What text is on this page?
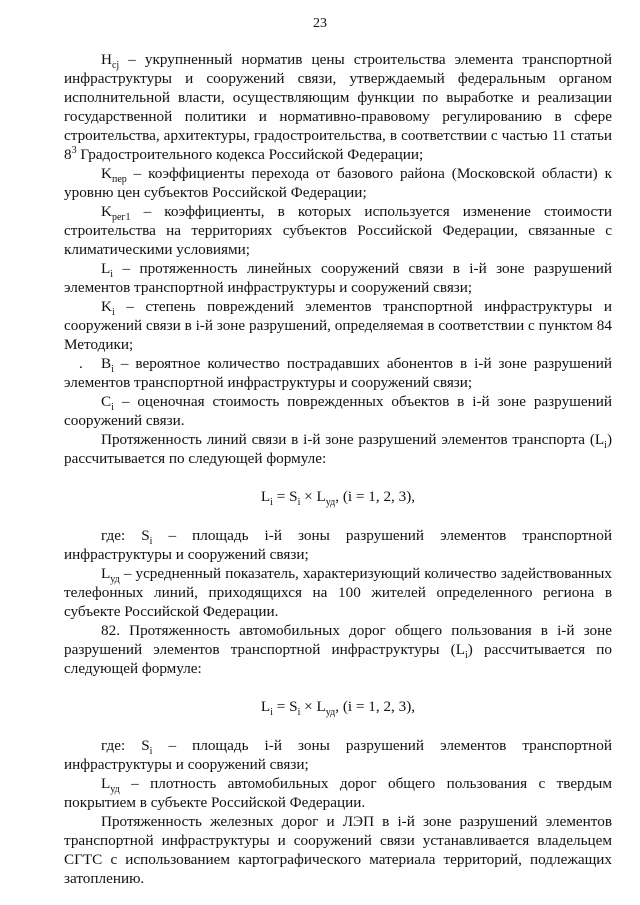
23

$H_{cj}$ – укрупненный норматив цены строительства элемента транспортной инфраструктуры и сооружений связи, утверждаемый федеральным органом исполнительной власти, осуществляющим функции по выработке и реализации государственной политики и нормативно-правовому регулированию в сфере строительства, архитектуры, градостроительства, в соответствии с частью 11 статьи $8^3$ Градостроительного кодекса Российской Федерации;

$K_{пер}$ – коэффициенты перехода от базового района (Московской области) к уровню цен субъектов Российской Федерации;

$K_{рег1}$ – коэффициенты, в которых используется изменение стоимости строительства на территориях субъектов Российской Федерации, связанные с климатическими условиями;

$L_i$ – протяженность линейных сооружений связи в i-й зоне разрушений элементов транспортной инфраструктуры и сооружений связи;

$K_i$ – степень повреждений элементов транспортной инфраструктуры и сооружений связи в i-й зоне разрушений, определяемая в соответствии с пунктом 84 Методики;

. $B_i$ – вероятное количество пострадавших абонентов в i-й зоне разрушений элементов транспортной инфраструктуры и сооружений связи;

$C_i$ – оценочная стоимость поврежденных объектов в i-й зоне разрушений сооружений связи.

Протяженность линий связи в i-й зоне разрушений элементов транспорта $(L_i)$ рассчитывается по следующей формуле:

$L_i = S_i \times L_{уд}$, (i = 1, 2, 3),

где: $S_i$ – площадь i-й зоны разрушений элементов транспортной инфраструктуры и сооружений связи;

$L_{уд}$ – усредненный показатель, характеризующий количество задействованных телефонных линий, приходящихся на 100 жителей определенного региона в субъекте Российской Федерации.

82. Протяженность автомобильных дорог общего пользования в i-й зоне разрушений элементов транспортной инфраструктуры $(L_i)$ рассчитывается по следующей формуле:

$L_i = S_i \times L_{уд}$, (i = 1, 2, 3),

где: $S_i$ – площадь i-й зоны разрушений элементов транспортной инфраструктуры и сооружений связи;

$L_{уд}$ – плотность автомобильных дорог общего пользования с твердым покрытием в субъекте Российской Федерации.

Протяженность железных дорог и ЛЭП в i-й зоне разрушений элементов транспортной инфраструктуры и сооружений связи устанавливается владельцем СГТС с использованием картографического материала территорий, подлежащих затоплению.
